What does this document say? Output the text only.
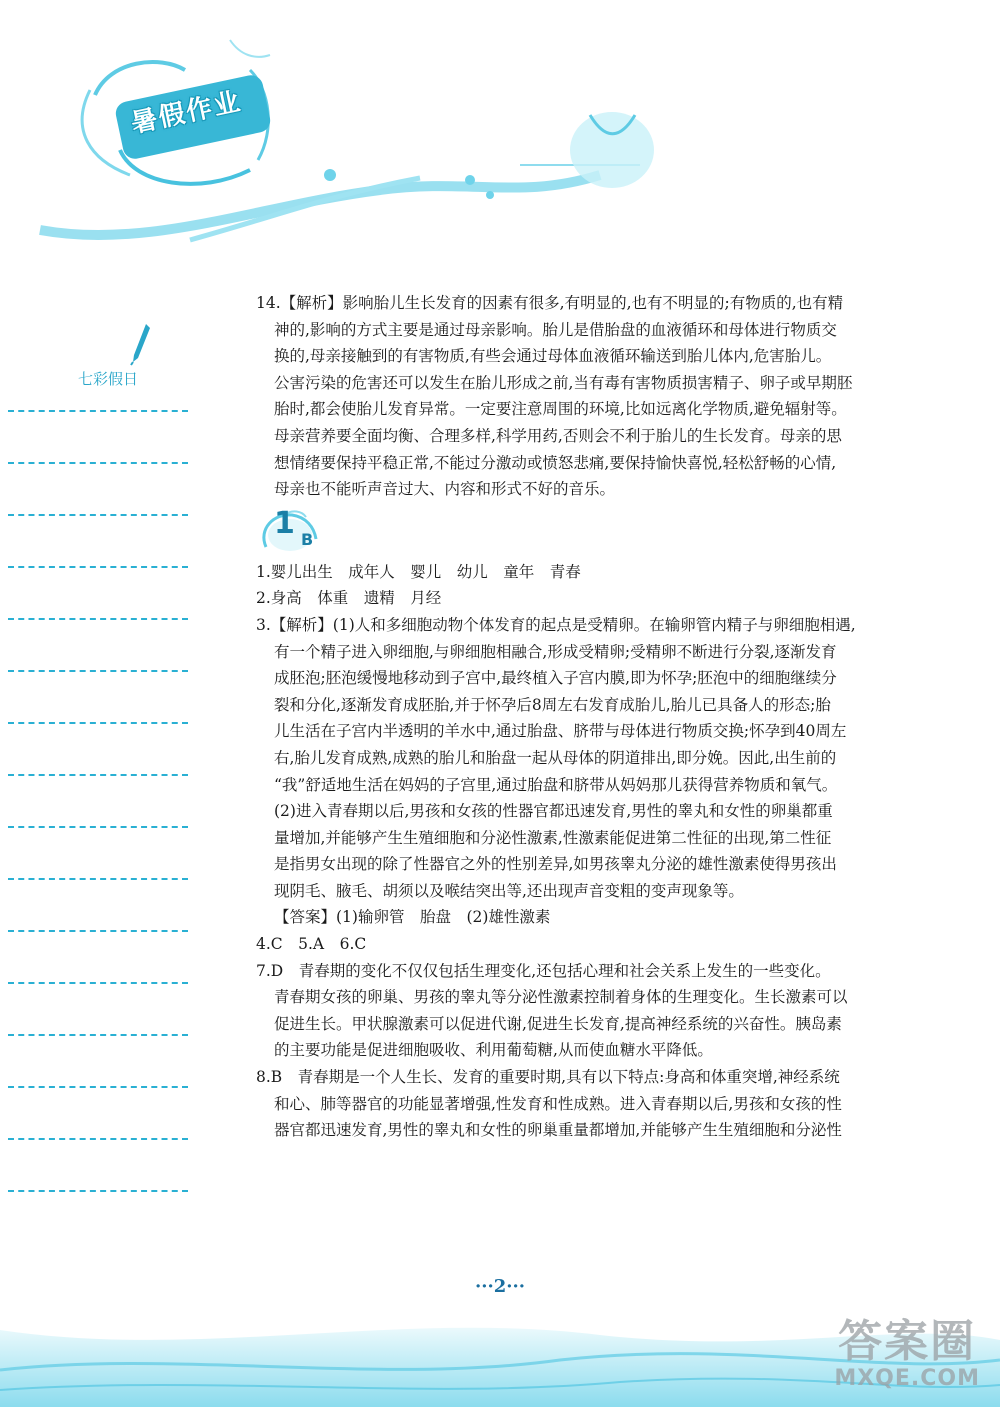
暑假作业
七彩假日

14.【解析】影响胎儿生长发育的因素有很多,有明显的,也有不明显的;有物质的,也有精

神的,影响的方式主要是通过母亲影响。胎儿是借胎盘的血液循环和母体进行物质交

换的,母亲接触到的有害物质,有些会通过母体血液循环输送到胎儿体内,危害胎儿。

公害污染的危害还可以发生在胎儿形成之前,当有毒有害物质损害精子、卵子或早期胚

胎时,都会使胎儿发育异常。一定要注意周围的环境,比如远离化学物质,避免辐射等。

母亲营养要全面均衡、合理多样,科学用药,否则会不利于胎儿的生长发育。母亲的思

想情绪要保持平稳正常,不能过分激动或愤怒悲痛,要保持愉快喜悦,轻松舒畅的心情,

母亲也不能听声音过大、内容和形式不好的音乐。

1 B

1.婴儿出生　成年人　婴儿　幼儿　童年　青春

2.身高　体重　遗精　月经

3.【解析】(1)人和多细胞动物个体发育的起点是受精卵。在输卵管内精子与卵细胞相遇,

有一个精子进入卵细胞,与卵细胞相融合,形成受精卵;受精卵不断进行分裂,逐渐发育

成胚泡;胚泡缓慢地移动到子宫中,最终植入子宫内膜,即为怀孕;胚泡中的细胞继续分

裂和分化,逐渐发育成胚胎,并于怀孕后8周左右发育成胎儿,胎儿已具备人的形态;胎

儿生活在子宫内半透明的羊水中,通过胎盘、脐带与母体进行物质交换;怀孕到40周左

右,胎儿发育成熟,成熟的胎儿和胎盘一起从母体的阴道排出,即分娩。因此,出生前的

“我”舒适地生活在妈妈的子宫里,通过胎盘和脐带从妈妈那儿获得营养物质和氧气。

(2)进入青春期以后,男孩和女孩的性器官都迅速发育,男性的睾丸和女性的卵巢都重

量增加,并能够产生生殖细胞和分泌性激素,性激素能促进第二性征的出现,第二性征

是指男女出现的除了性器官之外的性别差异,如男孩睾丸分泌的雄性激素使得男孩出

现阴毛、腋毛、胡须以及喉结突出等,还出现声音变粗的变声现象等。

【答案】(1)输卵管　胎盘　(2)雄性激素

4.C　5.A　6.C

7.D　青春期的变化不仅仅包括生理变化,还包括心理和社会关系上发生的一些变化。

青春期女孩的卵巢、男孩的睾丸等分泌性激素控制着身体的生理变化。生长激素可以

促进生长。甲状腺激素可以促进代谢,促进生长发育,提高神经系统的兴奋性。胰岛素

的主要功能是促进细胞吸收、利用葡萄糖,从而使血糖水平降低。

8.B　青春期是一个人生长、发育的重要时期,具有以下特点:身高和体重突增,神经系统

和心、肺等器官的功能显著增强,性发育和性成熟。进入青春期以后,男孩和女孩的性

器官都迅速发育,男性的睾丸和女性的卵巢重量都增加,并能够产生生殖细胞和分泌性

···2···
答案圈
MXQE.COM
